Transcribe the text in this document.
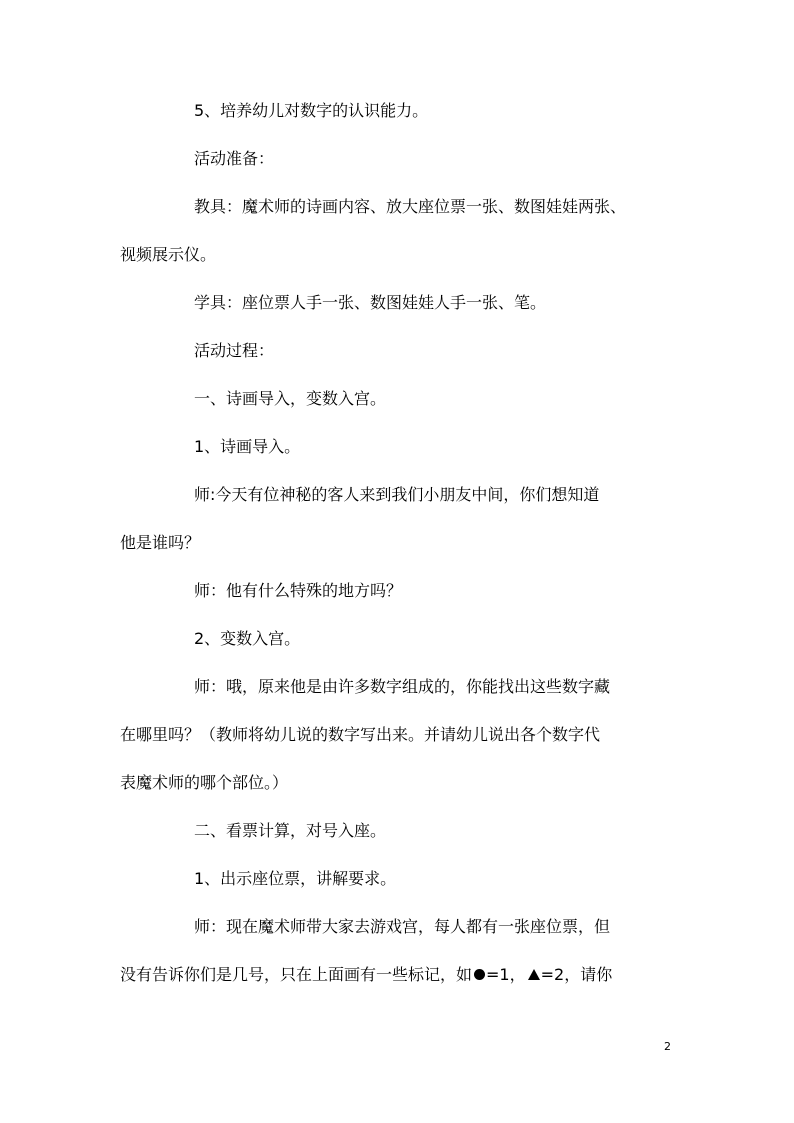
5、培养幼儿对数字的认识能力。
活动准备：
教具：魔术师的诗画内容、放大座位票一张、数图娃娃两张、
视频展示仪。
学具：座位票人手一张、数图娃娃人手一张、笔。
活动过程：
一、诗画导入，变数入宫。
1、诗画导入。
师:今天有位神秘的客人来到我们小朋友中间，你们想知道
他是谁吗？
师：他有什么特殊的地方吗？
2、变数入宫。
师：哦，原来他是由许多数字组成的，你能找出这些数字藏
在哪里吗？（教师将幼儿说的数字写出来。并请幼儿说出各个数字代
表魔术师的哪个部位。）
二、看票计算，对号入座。
1、出示座位票，讲解要求。
师：现在魔术师带大家去游戏宫，每人都有一张座位票，但
没有告诉你们是几号，只在上面画有一些标记，如 =1， =2，请你
2
